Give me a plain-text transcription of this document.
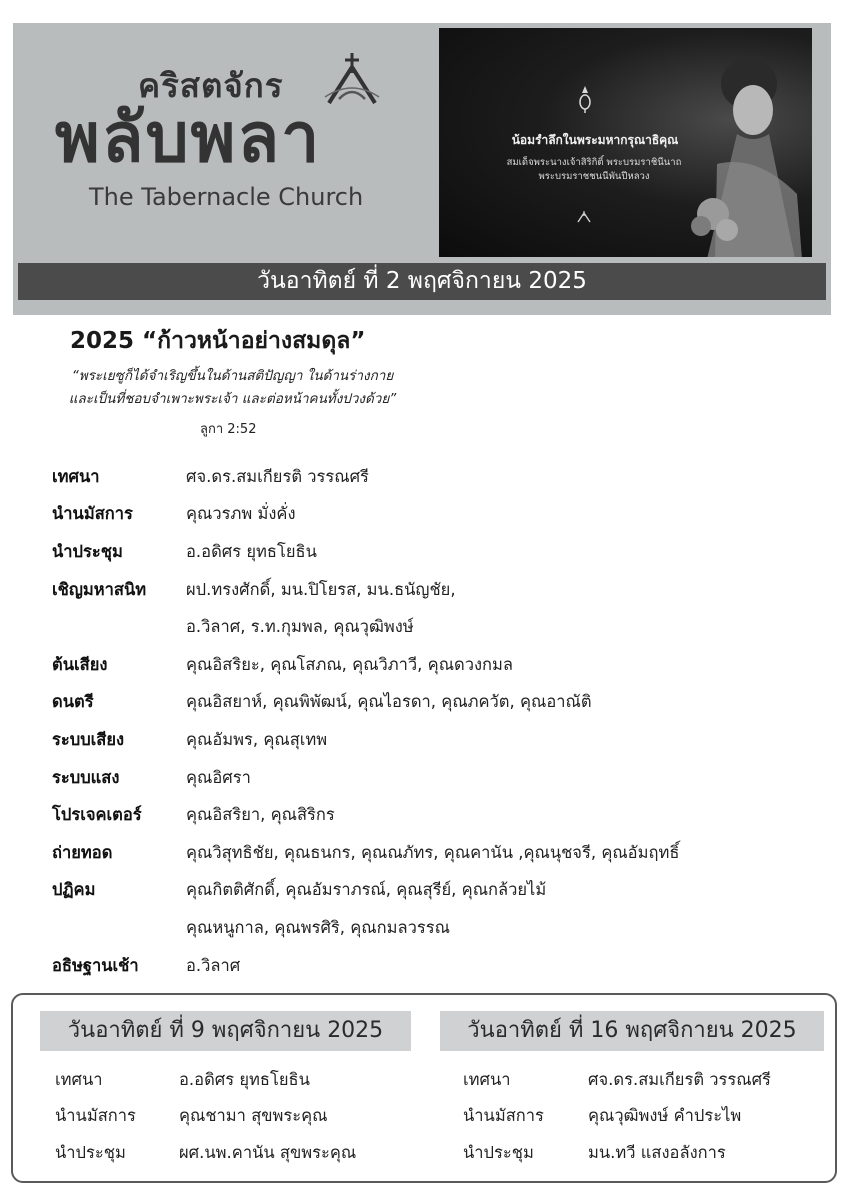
คริสตจักร
พลับพลา
The Tabernacle Church
น้อมรำลึกในพระมหากรุณาธิคุณ
สมเด็จพระนางเจ้าสิริกิติ์ พระบรมราชินีนาถ
พระบรมราชชนนีพันปีหลวง
วันอาทิตย์ ที่ 2 พฤศจิกายน 2025
2025 “ก้าวหน้าอย่างสมดุล”
“พระเยซูก็ได้จำเริญขึ้นในด้านสติปัญญา ในด้านร่างกาย
และเป็นที่ชอบจำเพาะพระเจ้า และต่อหน้าคนทั้งปวงด้วย”
ลูกา 2:52
เทศนา	ศจ.ดร.สมเกียรติ วรรณศรี
นำนมัสการ	คุณวรภพ มั่งคั่ง
นำประชุม	อ.อดิศร ยุทธโยธิน
เชิญมหาสนิท	ผป.ทรงศักดิ์, มน.ปิโยรส, มน.ธนัญชัย,
อ.วิลาศ, ร.ท.กุมพล, คุณวุฒิพงษ์
ต้นเสียง	คุณอิสริยะ, คุณโสภณ, คุณวิภาวี, คุณดวงกมล
ดนตรี	คุณอิสยาห์, คุณพิพัฒน์, คุณไอรดา, คุณภควัต, คุณอาณัติ
ระบบเสียง	คุณอัมพร, คุณสุเทพ
ระบบแสง	คุณอิศรา
โปรเจคเตอร์	คุณอิสริยา, คุณสิริกร
ถ่ายทอด	คุณวิสุทธิชัย, คุณธนกร, คุณณภัทร, คุณคานัน ,คุณนุชจรี, คุณอัมฤทธิ์
ปฏิคม	คุณกิตติศักดิ์, คุณอัมราภรณ์, คุณสุรีย์, คุณกล้วยไม้
คุณหนูกาล, คุณพรศิริ, คุณกมลวรรณ
อธิษฐานเช้า	อ.วิลาศ
วันอาทิตย์ ที่ 9 พฤศจิกายน 2025	วันอาทิตย์ ที่ 16 พฤศจิกายน 2025
เทศนา	อ.อดิศร ยุทธโยธิน
นำนมัสการ	คุณชามา สุขพระคุณ
นำประชุม	ผศ.นพ.คานัน สุขพระคุณ
เทศนา	ศจ.ดร.สมเกียรติ วรรณศรี
นำนมัสการ	คุณวุฒิพงษ์ คำประไพ
นำประชุม	มน.ทวี แสงอลังการ
